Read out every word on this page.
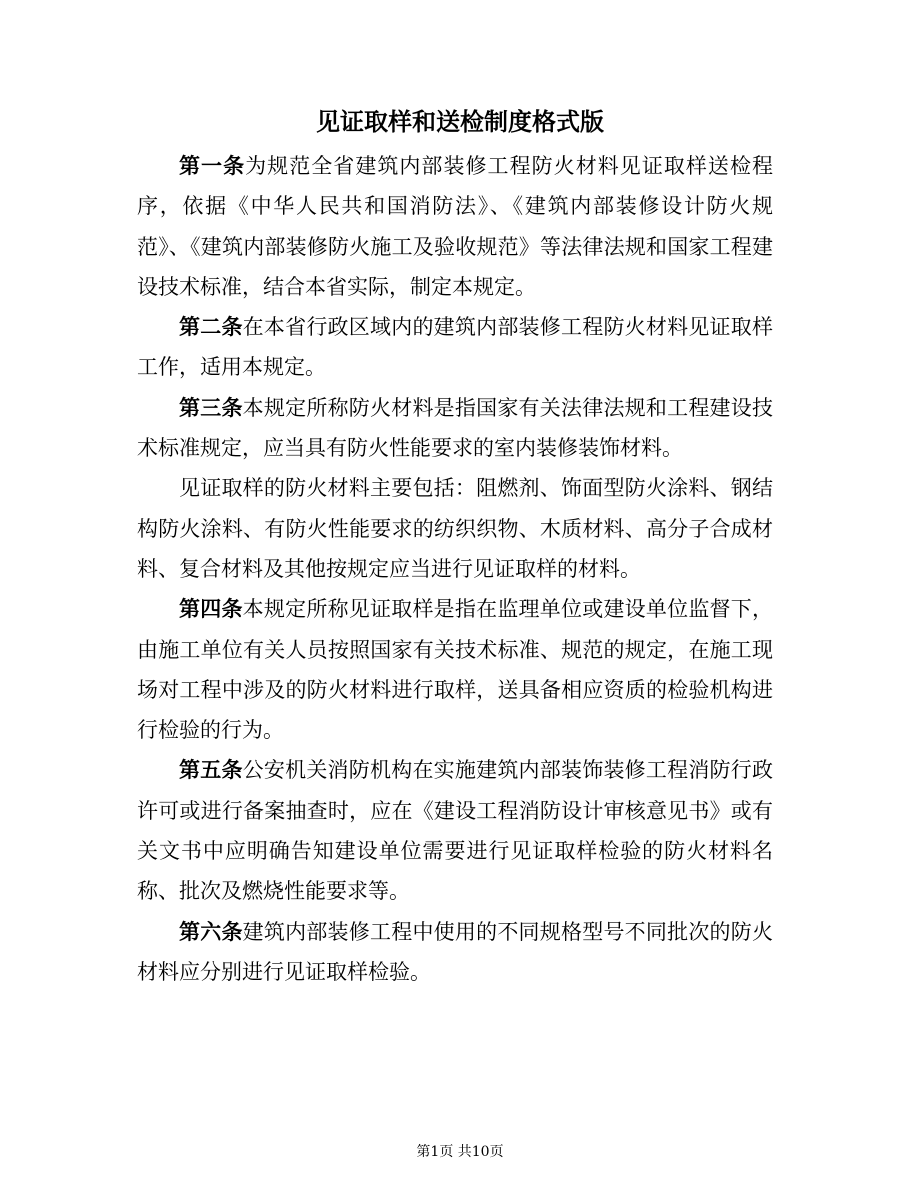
见证取样和送检制度格式版

第一条为规范全省建筑内部装修工程防火材料见证取样送检程序，依据《中华人民共和国消防法》、《建筑内部装修设计防火规范》、《建筑内部装修防火施工及验收规范》等法律法规和国家工程建设技术标准，结合本省实际，制定本规定。

第二条在本省行政区域内的建筑内部装修工程防火材料见证取样工作，适用本规定。

第三条本规定所称防火材料是指国家有关法律法规和工程建设技术标准规定，应当具有防火性能要求的室内装修装饰材料。

见证取样的防火材料主要包括：阻燃剂、饰面型防火涂料、钢结构防火涂料、有防火性能要求的纺织织物、木质材料、高分子合成材料、复合材料及其他按规定应当进行见证取样的材料。

第四条本规定所称见证取样是指在监理单位或建设单位监督下，由施工单位有关人员按照国家有关技术标准、规范的规定，在施工现场对工程中涉及的防火材料进行取样，送具备相应资质的检验机构进行检验的行为。

第五条公安机关消防机构在实施建筑内部装饰装修工程消防行政许可或进行备案抽查时，应在《建设工程消防设计审核意见书》或有关文书中应明确告知建设单位需要进行见证取样检验的防火材料名称、批次及燃烧性能要求等。

第六条建筑内部装修工程中使用的不同规格型号不同批次的防火材料应分别进行见证取样检验。

第1页 共10页
